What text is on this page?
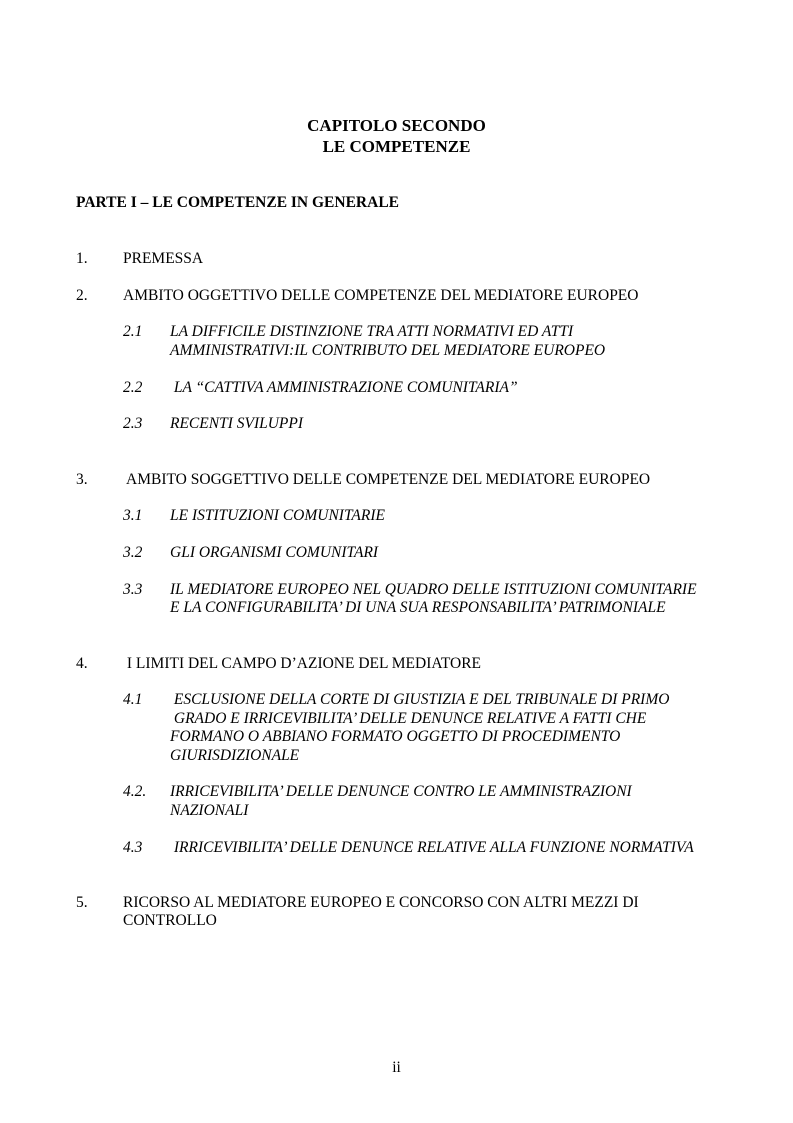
CAPITOLO SECONDO
LE COMPETENZE
PARTE I – LE COMPETENZE IN GENERALE
1. PREMESSA
2. AMBITO OGGETTIVO DELLE COMPETENZE DEL MEDIATORE EUROPEO
2.1 LA DIFFICILE DISTINZIONE TRA ATTI NORMATIVI ED ATTI
AMMINISTRATIVI:IL CONTRIBUTO DEL MEDIATORE EUROPEO
2.2 LA “CATTIVA AMMINISTRAZIONE COMUNITARIA”
2.3 RECENTI SVILUPPI
3. AMBITO SOGGETTIVO DELLE COMPETENZE DEL MEDIATORE EUROPEO
3.1 LE ISTITUZIONI COMUNITARIE
3.2 GLI ORGANISMI COMUNITARI
3.3 IL MEDIATORE EUROPEO NEL QUADRO DELLE ISTITUZIONI COMUNITARIE
E LA CONFIGURABILITA’ DI UNA SUA RESPONSABILITA’ PATRIMONIALE
4. I LIMITI DEL CAMPO D’AZIONE DEL MEDIATORE
4.1 ESCLUSIONE DELLA CORTE DI GIUSTIZIA E DEL TRIBUNALE DI PRIMO
GRADO E IRRICEVIBILITA’ DELLE DENUNCE RELATIVE A FATTI CHE
FORMANO O ABBIANO FORMATO OGGETTO DI PROCEDIMENTO
GIURISDIZIONALE
4.2. IRRICEVIBILITA’ DELLE DENUNCE CONTRO LE AMMINISTRAZIONI
NAZIONALI
4.3 IRRICEVIBILITA’ DELLE DENUNCE RELATIVE ALLA FUNZIONE NORMATIVA
5. RICORSO AL MEDIATORE EUROPEO E CONCORSO CON ALTRI MEZZI DI
CONTROLLO
ii
